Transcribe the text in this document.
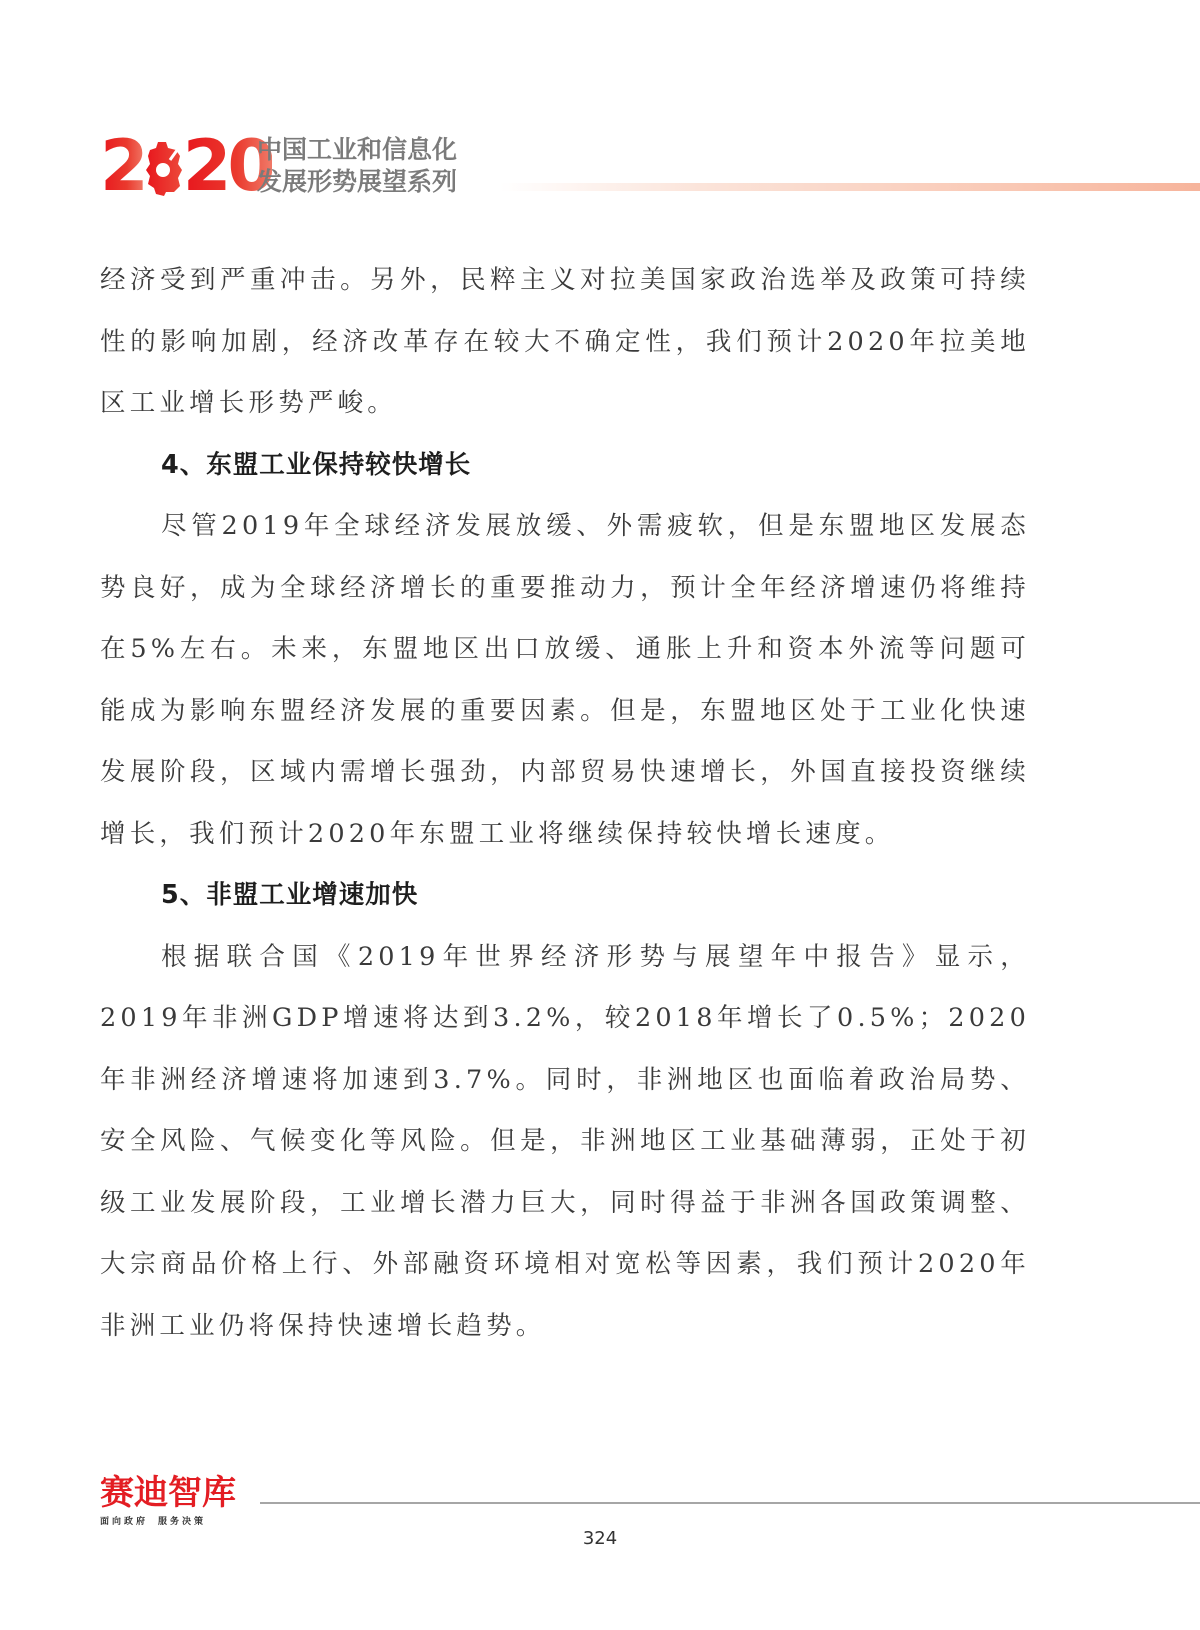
2 20
中国工业和信息化
发展形势展望系列

经济受到严重冲击。另外，民粹主义对拉美国家政治选举及政策可持续性的影响加剧，经济改革存在较大不确定性，我们预计2020年拉美地区工业增长形势严峻。

4、东盟工业保持较快增长

尽管2019年全球经济发展放缓、外需疲软，但是东盟地区发展态势良好，成为全球经济增长的重要推动力，预计全年经济增速仍将维持在5%左右。未来，东盟地区出口放缓、通胀上升和资本外流等问题可能成为影响东盟经济发展的重要因素。但是，东盟地区处于工业化快速发展阶段，区域内需增长强劲，内部贸易快速增长，外国直接投资继续增长，我们预计2020年东盟工业将继续保持较快增长速度。

5、非盟工业增速加快

根据联合国《2019年世界经济形势与展望年中报告》显示，2019年非洲GDP增速将达到3.2%，较2018年增长了0.5%；2020年非洲经济增速将加速到3.7%。同时，非洲地区也面临着政治局势、安全风险、气候变化等风险。但是，非洲地区工业基础薄弱，正处于初级工业发展阶段，工业增长潜力巨大，同时得益于非洲各国政策调整、大宗商品价格上行、外部融资环境相对宽松等因素，我们预计2020年非洲工业仍将保持快速增长趋势。

赛迪智库
面向政府 服务决策
324
